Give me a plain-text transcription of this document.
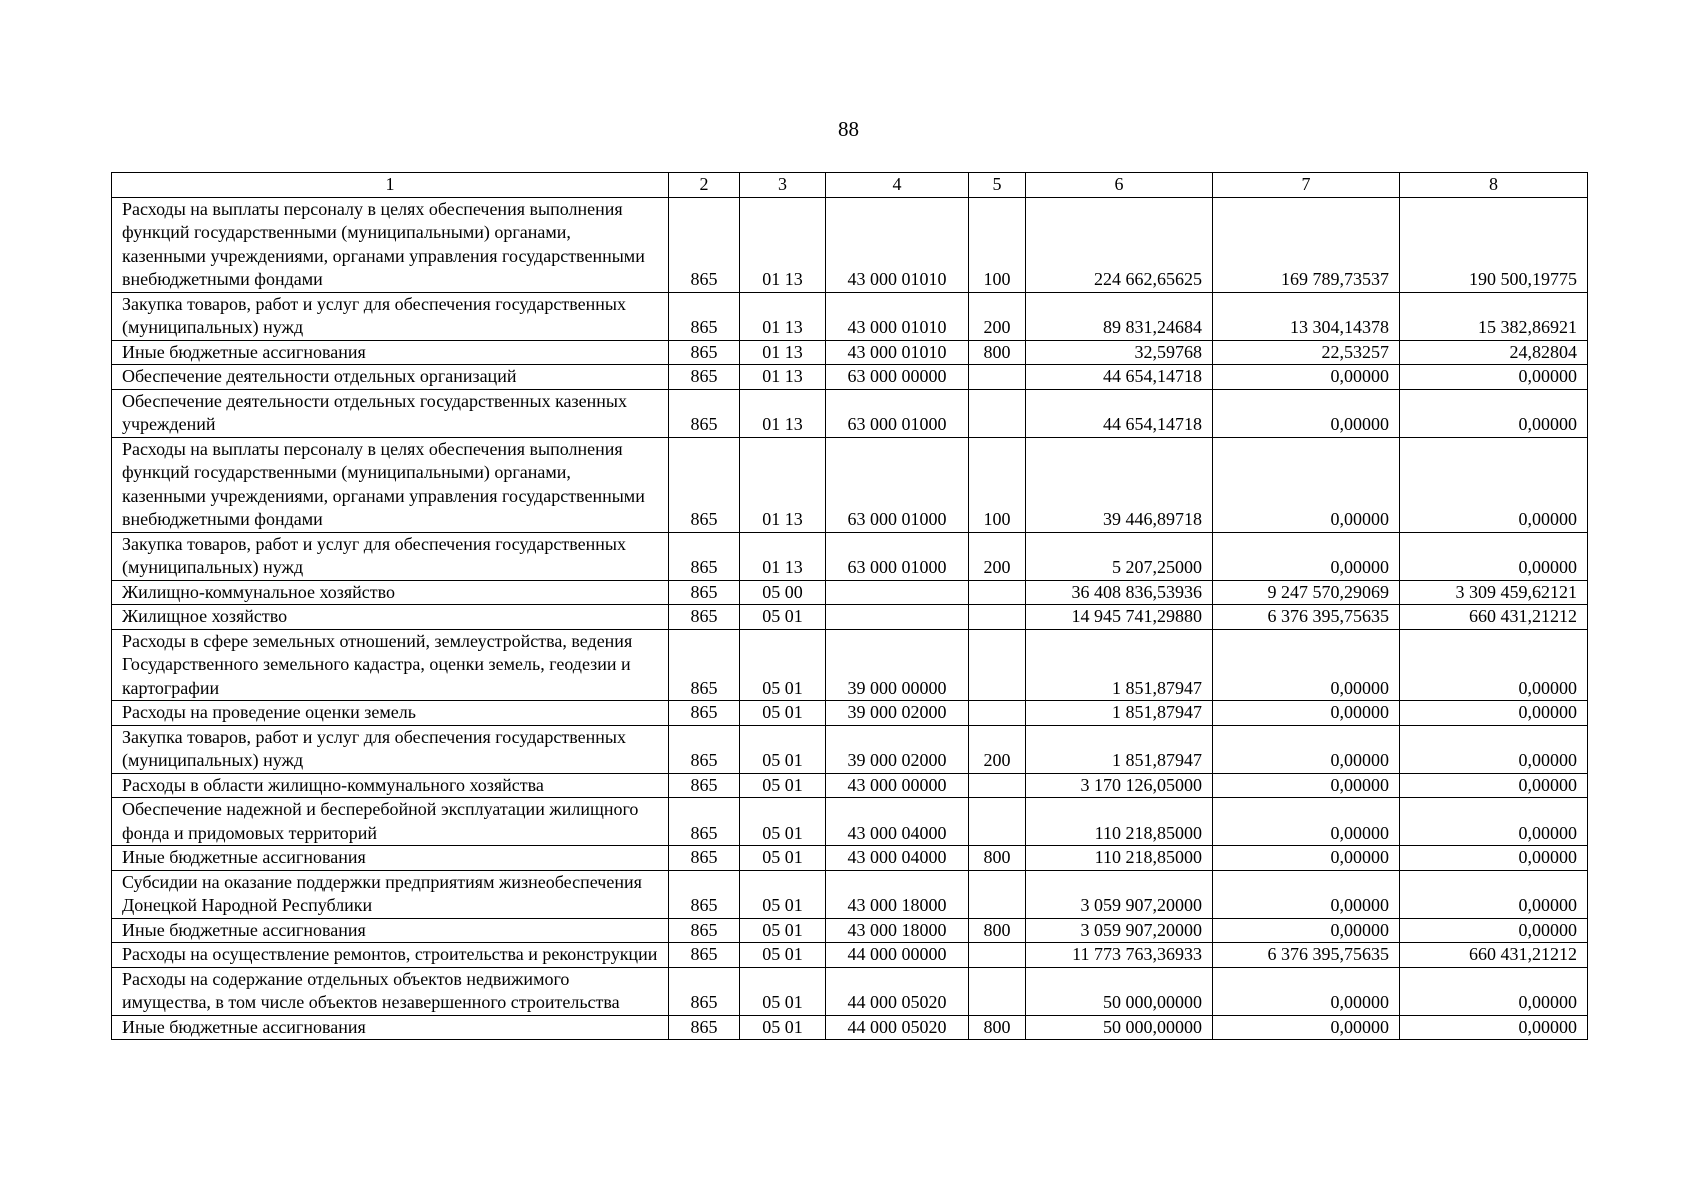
88
1	2	3	4	5	6	7	8
Расходы на выплаты персоналу в целях обеспечения выполнения функций государственными (муниципальными) органами, казенными учреждениями, органами управления государственными внебюджетными фондами	865	01 13	43 000 01010	100	224 662,65625	169 789,73537	190 500,19775
Закупка товаров, работ и услуг для обеспечения государственных (муниципальных) нужд	865	01 13	43 000 01010	200	89 831,24684	13 304,14378	15 382,86921
Иные бюджетные ассигнования	865	01 13	43 000 01010	800	32,59768	22,53257	24,82804
Обеспечение деятельности отдельных организаций	865	01 13	63 000 00000		44 654,14718	0,00000	0,00000
Обеспечение деятельности отдельных государственных казенных учреждений	865	01 13	63 000 01000		44 654,14718	0,00000	0,00000
Расходы на выплаты персоналу в целях обеспечения выполнения функций государственными (муниципальными) органами, казенными учреждениями, органами управления государственными внебюджетными фондами	865	01 13	63 000 01000	100	39 446,89718	0,00000	0,00000
Закупка товаров, работ и услуг для обеспечения государственных (муниципальных) нужд	865	01 13	63 000 01000	200	5 207,25000	0,00000	0,00000
Жилищно-коммунальное хозяйство	865	05 00			36 408 836,53936	9 247 570,29069	3 309 459,62121
Жилищное хозяйство	865	05 01			14 945 741,29880	6 376 395,75635	660 431,21212
Расходы в сфере земельных отношений, землеустройства, ведения Государственного земельного кадастра, оценки земель, геодезии и картографии	865	05 01	39 000 00000		1 851,87947	0,00000	0,00000
Расходы на проведение оценки земель	865	05 01	39 000 02000		1 851,87947	0,00000	0,00000
Закупка товаров, работ и услуг для обеспечения государственных (муниципальных) нужд	865	05 01	39 000 02000	200	1 851,87947	0,00000	0,00000
Расходы в области жилищно-коммунального хозяйства	865	05 01	43 000 00000		3 170 126,05000	0,00000	0,00000
Обеспечение надежной и бесперебойной эксплуатации жилищного фонда и придомовых территорий	865	05 01	43 000 04000		110 218,85000	0,00000	0,00000
Иные бюджетные ассигнования	865	05 01	43 000 04000	800	110 218,85000	0,00000	0,00000
Субсидии на оказание поддержки предприятиям жизнеобеспечения Донецкой Народной Республики	865	05 01	43 000 18000		3 059 907,20000	0,00000	0,00000
Иные бюджетные ассигнования	865	05 01	43 000 18000	800	3 059 907,20000	0,00000	0,00000
Расходы на осуществление ремонтов, строительства и реконструкции	865	05 01	44 000 00000		11 773 763,36933	6 376 395,75635	660 431,21212
Расходы на содержание отдельных объектов недвижимого имущества, в том числе объектов незавершенного строительства	865	05 01	44 000 05020		50 000,00000	0,00000	0,00000
Иные бюджетные ассигнования	865	05 01	44 000 05020	800	50 000,00000	0,00000	0,00000
